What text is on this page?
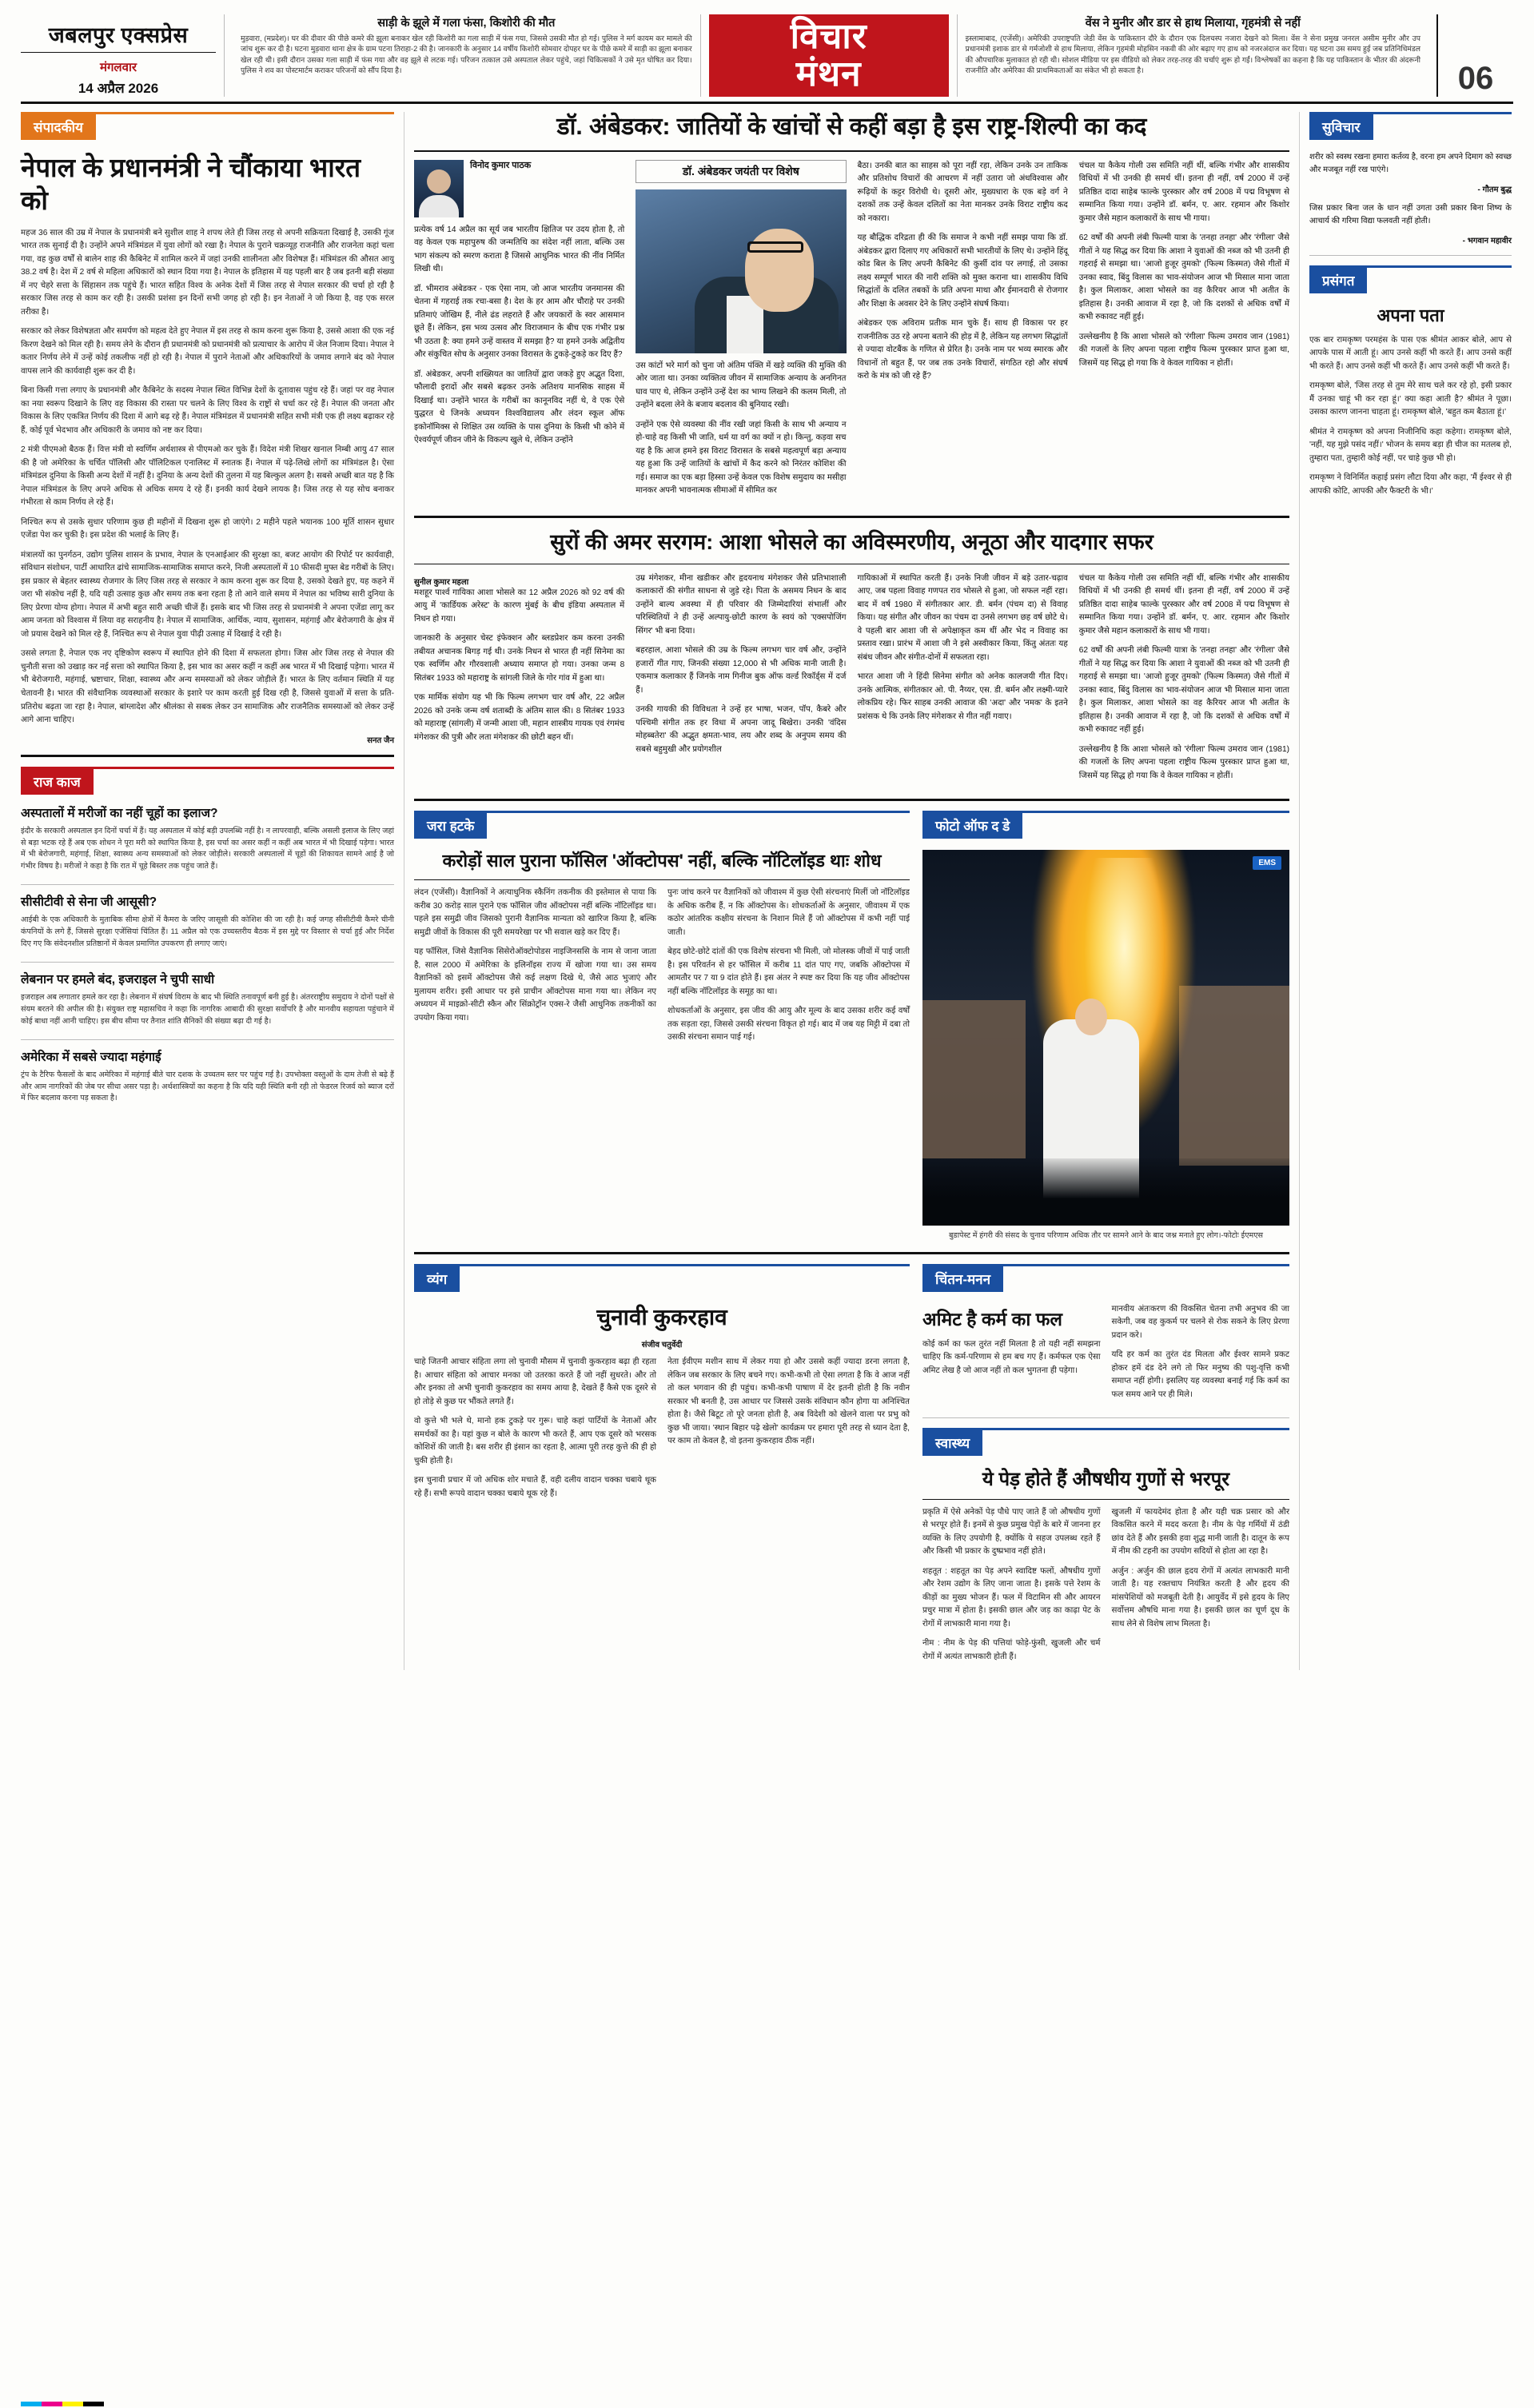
जबलपुर एक्सप्रेस
मंगलवार
14 अप्रैल 2026
साड़ी के झूले में गला फंसा, किशोरी की मौत

मुड़वारा, (मप्रदेश)। घर की दीवार की पीछे कमरे की झूला बनाकर खेल रही किशोरी का गला साड़ी में फंस गया, जिससे उसकी मौत हो गई। पुलिस ने मर्ग कायम कर मामले की जांच शुरू कर दी है। घटना मुड़वारा थाना क्षेत्र के ग्राम पटना तिराहा-2 की है। जानकारी के अनुसार 14 वर्षीय किशोरी सोमवार दोपहर घर के पीछे कमरे में साड़ी का झूला बनाकर खेल रही थी। इसी दौरान उसका गला साड़ी में फंस गया और वह झूले से लटक गई। परिजन तत्काल उसे अस्पताल लेकर पहुंचे, जहां चिकित्सकों ने उसे मृत घोषित कर दिया। पुलिस ने शव का पोस्टमार्टम कराकर परिजनों को सौंप दिया है।

विचार
मंथन
वेंस ने मुनीर और डार से हाथ मिलाया, गृहमंत्री से नहीं

इस्लामाबाद, (एजेंसी)। अमेरिकी उपराष्ट्रपति जेडी वेंस के पाकिस्तान दौरे के दौरान एक दिलचस्प नजारा देखने को मिला। वेंस ने सेना प्रमुख जनरल असीम मुनीर और उप प्रधानमंत्री इशाक डार से गर्मजोशी से हाथ मिलाया, लेकिन गृहमंत्री मोहसिन नकवी की ओर बढ़ाए गए हाथ को नजरअंदाज कर दिया। यह घटना उस समय हुई जब प्रतिनिधिमंडल की औपचारिक मुलाकात हो रही थी। सोशल मीडिया पर इस वीडियो को लेकर तरह-तरह की चर्चाएं शुरू हो गईं। विश्लेषकों का कहना है कि यह पाकिस्तान के भीतर की अंदरूनी राजनीति और अमेरिका की प्राथमिकताओं का संकेत भी हो सकता है।	06
संपादकीय
नेपाल के प्रधानमंत्री ने चौंकाया भारत को

महज 36 साल की उम्र में नेपाल के प्रधानमंत्री बने सुशील शाह ने शपथ लेते ही जिस तरह से अपनी सक्रियता दिखाई है, उसकी गूंज भारत तक सुनाई दी है। उन्होंने अपने मंत्रिमंडल में युवा लोगों को रखा है। नेपाल के पुराने चक्रव्यूह राजनीति और राजनेता कहां चला गया, वह कुछ वर्षों से बालेन शाह की कैबिनेट में शामिल करने में जहां उनकी शालीनता और विशेषज्ञ हैं। मंत्रिमंडल की औसत आयु 38.2 वर्ष है। देश में 2 वर्ष से महिला अधिकारों को स्थान दिया गया है। नेपाल के इतिहास में यह पहली बार है जब इतनी बड़ी संख्या में नए चेहरे सत्ता के सिंहासन तक पहुंचे हैं। भारत सहित विश्व के अनेक देशों में जिस तरह से नेपाल सरकार की चर्चा हो रही है सरकार जिस तरह से काम कर रही है। उसकी प्रशंसा इन दिनों सभी जगह हो रही है। इन नेताओं ने जो किया है, वह एक सरल तरीका है।

सरकार को लेकर विशेषज्ञता और समर्पण को महत्व देते हुए नेपाल में इस तरह से काम करना शुरू किया है, उससे आशा की एक नई किरण देखने को मिल रही है। समय लेने के दौरान ही प्रधानमंत्री को प्रधानमंत्री को प्रत्याचार के आरोप में जेल निजाम दिया। नेपाल ने कतार निर्णय लेने में उन्हें कोई तकलीफ नहीं हो रही है। नेपाल में पुराने नेताओं और अधिकारियों के जमाव लगाने बंद को नेपाल वापस लाने की कार्यवाही शुरू कर दी है।

बिना किसी गत्ता लगाए के प्रधानमंत्री और कैबिनेट के सदस्य नेपाल स्थित विभिन्न देशों के दूतावास पहुंच रहे हैं। जहां पर वह नेपाल का नया स्वरूप दिखाने के लिए वह विकास की रास्ता पर चलने के लिए विश्व के राष्ट्रों से चर्चा कर रहे हैं। नेपाल की जनता और विकास के लिए एकत्रित निर्णय की दिशा में आगे बढ़ रहे हैं। नेपाल मंत्रिमंडल में प्रधानमंत्री सहित सभी मंत्री एक ही लक्ष्य बढ़ाकर रहे हैं, कोई पूर्व भेदभाव और अधिकारी के जमाव को नष्ट कर दिया।

2 मंत्री पीएमओ बैठक हैं। वित्त मंत्री वो स्वर्णिम अर्थशास्त्र से पीएमओ कर चुके हैं। विदेश मंत्री शिखर खनाल निम्बी आयु 47 साल की है जो अमेरिका के चर्चित पॉलिसी और पॉलिटिकल एनालिस्ट में स्नातक हैं। नेपाल में पढ़े-लिखे लोगों का मंत्रिमंडल है। ऐसा मंत्रिमंडल दुनिया के किसी अन्य देशों में नहीं है। दुनिया के अन्य देशों की तुलना में यह बिल्कुल अलग है। सबसे अच्छी बात यह है कि नेपाल मंत्रिमंडल के लिए अपने अधिक से अधिक समय दे रहे हैं। इनकी कार्य देखने लायक है। जिस तरह से यह सोच बनाकर गंभीरता से काम निर्णय ले रहे हैं।

निश्चित रूप से उसके सुधार परिणाम कुछ ही महीनों में दिखना शुरू हो जाएंगे। 2 महीने पहले भयानक 100 मूर्ति शासन सुधार एजेंडा पेश कर चुकी है। इस प्रदेश की भलाई के लिए हैं।

मंत्रालयों का पुनर्गठन, उद्योग पुलिस शासन के प्रभाव, नेपाल के एनआईआर की सुरक्षा का, बजट आयोग की रिपोर्ट पर कार्यवाही, संविधान संशोधन, पार्टी आधारित ढांचे सामाजिक-सामाजिक समाप्त करने, निजी अस्पतालों में 10 फीसदी मुफ्त बेड गरीबों के लिए। इस प्रकार से बेहतर स्वास्थ्य रोजगार के लिए जिस तरह से सरकार ने काम करना शुरू कर दिया है, उसको देखते हुए, यह कहने में जरा भी संकोच नहीं है, यदि यही उत्साह कुछ और समय तक बना रहता है तो आने वाले समय में नेपाल का भविष्य सारी दुनिया के लिए प्रेरणा योग्य होगा। नेपाल में अभी बहुत सारी अच्छी चीजें हैं। इसके बाद भी जिस तरह से प्रधानमंत्री ने अपना एजेंडा लागू कर आम जनता को विश्वास में लिया वह सराहनीय है। नेपाल में सामाजिक, आर्थिक, न्याय, सुशासन, महंगाई और बेरोजगारी के क्षेत्र में जो प्रयास देखने को मिल रहे हैं, निश्चित रूप से नेपाल युवा पीढ़ी उत्साह में दिखाई दे रही है।

उससे लगता है, नेपाल एक नए दृष्टिकोण स्वरूप में स्थापित होने की दिशा में सफलता होगा। जिस ओर जिस तरह से नेपाल की चुनौती सत्ता को उखाड़ कर नई सत्ता को स्थापित किया है, इस भाव का असर कहीं न कहीं अब भारत में भी दिखाई पड़ेगा। भारत में भी बेरोजगारी, महंगाई, भ्रष्टाचार, शिक्षा, स्वास्थ्य और अन्य समस्याओं को लेकर जोड़ीले हैं। भारत के लिए वर्तमान स्थिति में यह चेतावनी है। भारत की संवैधानिक व्यवस्थाओं सरकार के इशारे पर काम करती हुई दिख रही है, जिससे युवाओं में सत्ता के प्रति-प्रतिरोध बढ़ता जा रहा है। नेपाल, बांग्लादेश और श्रीलंका से सबक लेकर उन सामाजिक और राजनैतिक समस्याओं को लेकर उन्हें आगे आना चाहिए।

सनत जैन
राज काज
अस्पतालों में मरीजों का नहीं चूहों का इलाज?

इंदौर के सरकारी अस्पताल इन दिनों चर्चा में हैं। यह अस्पताल में कोई बड़ी उपलब्धि नहीं है। न लापरवाही, बल्कि असली इलाज के लिए जहां से बड़ा भटक रहे हैं अब एक शोधन ने पूरा मरी को स्थापित किया है, इस चर्चा का असर कहीं न कहीं अब भारत में भी दिखाई पड़ेगा। भारत में भी बेरोजगारी, महंगाई, शिक्षा, स्वास्थ्य अन्य समस्याओं को लेकर जोड़ीले। सरकारी अस्पतालों में चूहों की शिकायत सामने आई है जो गंभीर विषय है। मरीजों ने कहा है कि रात में चूहे बिस्तर तक पहुंच जाते हैं।

सीसीटीवी से सेना जी आसूसी?

आईबी के एक अधिकारी के मुताबिक सीमा क्षेत्रों में कैमरा के जरिए जासूसी की कोशिश की जा रही है। कई जगह सीसीटीवी कैमरे चीनी कंपनियों के लगे हैं, जिससे सुरक्षा एजेंसियां चिंतित हैं। 11 अप्रैल को एक उच्चस्तरीय बैठक में इस मुद्दे पर विस्तार से चर्चा हुई और निर्देश दिए गए कि संवेदनशील प्रतिष्ठानों में केवल प्रमाणित उपकरण ही लगाए जाएं।

लेबनान पर हमले बंद, इजराइल ने चुपी साधी

इजराइल अब लगातार हमले कर रहा है। लेबनान में संघर्ष विराम के बाद भी स्थिति तनावपूर्ण बनी हुई है। अंतरराष्ट्रीय समुदाय ने दोनों पक्षों से संयम बरतने की अपील की है। संयुक्त राष्ट्र महासचिव ने कहा कि नागरिक आबादी की सुरक्षा सर्वोपरि है और मानवीय सहायता पहुंचाने में कोई बाधा नहीं आनी चाहिए। इस बीच सीमा पर तैनात शांति सैनिकों की संख्या बढ़ा दी गई है।

अमेरिका में सबसे ज्यादा महंगाई

ट्रंप के टैरिफ फैसलों के बाद अमेरिका में महंगाई बीते चार दशक के उच्चतम स्तर पर पहुंच गई है। उपभोक्ता वस्तुओं के दाम तेजी से बढ़े हैं और आम नागरिकों की जेब पर सीधा असर पड़ा है। अर्थशास्त्रियों का कहना है कि यदि यही स्थिति बनी रही तो फेडरल रिजर्व को ब्याज दरों में फिर बदलाव करना पड़ सकता है।

डॉ. अंबेडकर: जातियों के खांचों से कहीं बड़ा है इस राष्ट्र-शिल्पी का कद
विनोद कुमार पाठक

प्रत्येक वर्ष 14 अप्रैल का सूर्य जब भारतीय क्षितिज पर उदय होता है, तो वह केवल एक महापुरुष की जन्मतिथि का संदेश नहीं लाता, बल्कि उस भाग संकल्प को स्मरण कराता है जिससे आधुनिक भारत की नींव निर्मित लिखी थी।

डॉ. भीमराव अंबेडकर - एक ऐसा नाम, जो आज भारतीय जनमानस की चेतना में गहराई तक रचा-बसा है। देश के हर आम और चौराहे पर उनकी प्रतिमाएं जोखिम हैं, नीले ढंड लहराते हैं और जयकारों के स्वर आसमान छूते हैं। लेकिन, इस भव्य उत्सव और विराजमान के बीच एक गंभीर प्रश्न भी उठता है: क्या हमने उन्हें वास्तव में समझा है? या हमने उनके अद्वितीय और संकुचित सोच के अनुसार उनका विरासत के टुकड़े-टुकड़े कर दिए हैं?

डॉ. अंबेडकर, अपनी शख्सियत का जातियों द्वारा जकड़े हुए अद्भुत दिशा, फौलादी इरादों और सबसे बढ़कर उनके अतिशय मानसिक साहस में दिखाई था। उन्होंने भारत के गरीबों का कानूनविद नहीं थे, वे एक ऐसे युद्धरत थे जिनके अध्ययन विश्वविद्यालय और लंदन स्कूल ऑफ इकोनॉमिक्स से शिक्षित उस व्यक्ति के पास दुनिया के किसी भी कोने में ऐश्वर्यपूर्ण जीवन जीने के विकल्प खुले थे, लेकिन उन्होंने

डॉ. अंबेडकर जयंती पर विशेष

उस कांटों भरे मार्ग को चुना जो अंतिम पंक्ति में खड़े व्यक्ति की मुक्ति की ओर जाता था। उनका व्यक्तित्व जीवन में सामाजिक अन्याय के अनगिनत घाव पाए थे, लेकिन उन्होंने उन्हें देश का भाग्य लिखने की कलम मिली, तो उन्होंने बदला लेने के बजाय बदलाव की बुनियाद रखी।

उन्होंने एक ऐसे व्यवस्था की नींव रखी जहां किसी के साथ भी अन्याय न हो-चाहे वह किसी भी जाति, धर्म या वर्ग का क्यों न हो। किन्तु, कड़वा सच यह है कि आज हमने इस विराट विरासत के सबसे महत्वपूर्ण बड़ा अन्याय यह हुआ कि उन्हें जातियों के खांचों में कैद करने को निरंतर कोशिश की गई। समाज का एक बड़ा हिस्सा उन्हें केवल एक विशेष समुदाय का मसीहा मानकर अपनी भावनात्मक सीमाओं में सीमित कर

बैठा। उनकी बात का साहस को पूरा नहीं रहा, लेकिन उनके उन ताकिक और प्रतिशोध विचारों की आचरण में नहीं उतारा जो अंधविश्वास और रूढ़ियों के कट्टर विरोधी थे। दूसरी ओर, मुख्यधारा के एक बड़े वर्ग ने दशकों तक उन्हें केवल दलितों का नेता मानकर उनके विराट राष्ट्रीय कद को नकारा।

यह बौद्धिक दरिद्रता ही की कि समाज ने कभी नहीं समझ पाया कि डॉ. अंबेडकर द्वारा दिलाए गए अधिकारों सभी भारतीयों के लिए थे। उन्होंने हिंदू कोड बिल के लिए अपनी कैबिनेट की कुर्सी दांव पर लगाई, तो उसका लक्ष्य सम्पूर्ण भारत की नारी शक्ति को मुक्त कराना था। शासकीय विधि सिद्धांतों के दलित तबकों के प्रति अपना माथा और ईमानदारी से रोजगार और शिक्षा के अवसर देने के लिए उन्होंने संघर्ष किया।

अंबेडकर एक अविराम प्रतीक मान चुके हैं। साथ ही विकास पर हर राजनीतिक उठ रहे अपना बताने की होड़ में है, लेकिन यह लगभग सिद्धांतों से ज्यादा वोटबैंक के गणित से प्रेरित है। उनके नाम पर भव्य स्मारक और विधानों तो बहुत हैं, पर जब तक उनके विचारों, संगठित रहो और संघर्ष करो के मंत्र को जी रहे हैं?

चंचल या कैकेय गोली उस समिति नहीं थीं, बल्कि गंभीर और शासकीय विधियों में भी उनकी ही समर्थ थीं। इतना ही नहीं, वर्ष 2000 में उन्हें प्रतिष्ठित दादा साहेब फाल्के पुरस्कार और वर्ष 2008 में पद्म विभूषण से सम्मानित किया गया। उन्होंने डॉ. बर्मन, ए. आर. रहमान और किशोर कुमार जैसे महान कलाकारों के साथ भी गाया।

62 वर्षों की अपनी लंबी फिल्मी यात्रा के 'तनहा तनहा' और 'रंगीला' जैसे गीतों ने यह सिद्ध कर दिया कि आशा ने युवाओं की नब्ज को भी उतनी ही गहराई से समझा था। 'आजो हुजूर तुमको' (फिल्म किस्मत) जैसे गीतों में उनका स्वाद, बिंदु विलास का भाव-संयोजन आज भी मिसाल माना जाता है। कुल मिलाकर, आशा भोसले का वह कैरियर आज भी अतीत के इतिहास है। उनकी आवाज में रहा है, जो कि दशकों से अधिक वर्षों में कभी रुकावट नहीं हुई।

उल्लेखनीय है कि आशा भोसले को 'रंगीला' फिल्म उमराव जान (1981) की गजलों के लिए अपना पहला राष्ट्रीय फिल्म पुरस्कार प्राप्त हुआ था, जिसमें यह सिद्ध हो गया कि वे केवल गायिका न होतीं।

सुरों की अमर सरगम: आशा भोसले का अविस्मरणीय, अनूठा और यादगार सफर
सुनील कुमार महला

मशहूर पार्श्व गायिका आशा भोसले का 12 अप्रैल 2026 को 92 वर्ष की आयु में 'कार्डियक अरेस्ट' के कारण मुंबई के बीच इंडिया अस्पताल में निधन हो गया।

जानकारी के अनुसार चेस्ट इंफेक्शन और ब्लडप्रेशर कम करना उनकी तबीयत अचानक बिगड़ गई थी। उनके निधन से भारत ही नहीं सिनेमा का एक स्वर्णिम और गौरवशाली अध्याय समाप्त हो गया। उनका जन्म 8 सितंबर 1933 को महाराष्ट्र के सांगली जिले के गोर गांव में हुआ था।

एक मार्मिक संयोग यह भी कि फिल्म लगभग चार वर्ष और, 22 अप्रैल 2026 को उनके जन्म वर्ष शताब्दी के अंतिम साल की। 8 सितंबर 1933 को महाराष्ट्र (सांगली) में जन्मी आशा जी, महान शास्त्रीय गायक एवं रंगमंच मंगेशकर की पुत्री और लता मंगेशकर की छोटी बहन थीं।

उम्र मंगेशकर, मीना खडीकर और हृदयनाथ मंगेशकर जैसे प्रतिभाशाली कलाकारों की संगीत साधना से जुड़े रहे। पिता के असमय निधन के बाद उन्होंने बाल्य अवस्था में ही परिवार की जिम्मेदारियां संभालीं और परिस्थितियों ने ही उन्हें अल्पायु-छोटी कारण के स्वयं को 'एक्सपोजिंग सिंगर' भी बना दिया।

बहरहाल, आशा भोसले की उम्र के फिल्म लगभग चार वर्ष और, उन्होंने हजारों गीत गाए, जिनकी संख्या 12,000 से भी अधिक मानी जाती है। एकमात्र कलाकार हैं जिनके नाम गिनीज बुक ऑफ वर्ल्ड रिकॉर्ड्स में दर्ज हैं।

उनकी गायकी की विविधता ने उन्हें हर भाषा, भजन, पॉप, कैबरे और पश्चिमी संगीत तक हर विधा में अपना जादू बिखेरा। उनकी 'वंदिस मोहब्बतेरा' की अद्भुत क्षमता-भाव, लय और शब्द के अनुपम समय की सबसे बहुमुखी और प्रयोगशील

गायिकाओं में स्थापित करती हैं। उनके निजी जीवन में बड़े उतार-चढ़ाव आए, जब पहला विवाह गणपत राव भोसले से हुआ, जो सफल नहीं रहा। बाद में वर्ष 1980 में संगीतकार आर. डी. बर्मन (पंचम दा) से विवाह किया। यह संगीत और जीवन का पंचम दा उनसे लगभग छह वर्ष छोटे थे। वे पहली बार आशा जी से अपेक्षाकृत कम थीं और भेद न विवाह का प्रस्ताव रखा। प्रारंभ में आशा जी ने इसे अस्वीकार किया, किंतु अंततः यह संबंध जीवन और संगीत-दोनों में सफलता रहा।

भारत आशा जी ने हिंदी सिनेमा संगीत को अनेक कालजयी गीत दिए। उनके आत्मिक, संगीतकार ओ. पी. नैय्यर, एस. डी. बर्मन और लक्ष्मी-प्यारे लोकप्रिय रहे। फिर साहब उनकी आवाज की 'अदा' और 'नमक' के इतने प्रशंसक थे कि उनके लिए मंगेशकर से गीत नहीं गवाए।

चंचल या कैकेय गोली उस समिति नहीं थीं, बल्कि गंभीर और शासकीय विधियों में भी उनकी ही समर्थ थीं। इतना ही नहीं, वर्ष 2000 में उन्हें प्रतिष्ठित दादा साहेब फाल्के पुरस्कार और वर्ष 2008 में पद्म विभूषण से सम्मानित किया गया। उन्होंने डॉ. बर्मन, ए. आर. रहमान और किशोर कुमार जैसे महान कलाकारों के साथ भी गाया।

62 वर्षों की अपनी लंबी फिल्मी यात्रा के 'तनहा तनहा' और 'रंगीला' जैसे गीतों ने यह सिद्ध कर दिया कि आशा ने युवाओं की नब्ज को भी उतनी ही गहराई से समझा था। 'आजो हुजूर तुमको' (फिल्म किस्मत) जैसे गीतों में उनका स्वाद, बिंदु विलास का भाव-संयोजन आज भी मिसाल माना जाता है। कुल मिलाकर, आशा भोसले का वह कैरियर आज भी अतीत के इतिहास है। उनकी आवाज में रहा है, जो कि दशकों से अधिक वर्षों में कभी रुकावट नहीं हुई।

उल्लेखनीय है कि आशा भोसले को 'रंगीला' फिल्म उमराव जान (1981) की गजलों के लिए अपना पहला राष्ट्रीय फिल्म पुरस्कार प्राप्त हुआ था, जिसमें यह सिद्ध हो गया कि वे केवल गायिका न होतीं।

जरा हटके
करोड़ों साल पुराना फॉसिल 'ऑक्टोपस' नहीं, बल्कि नॉटिलॉइड थाः शोध

लंदन (एजेंसी)। वैज्ञानिकों ने अत्याधुनिक स्कैनिंग तकनीक की इस्तेमाल से पाया कि करीब 30 करोड़ साल पुराने एक फॉसिल जीव ऑक्टोपस नहीं बल्कि नॉटिलॉइड था। पहले इस समुद्री जीव जिसको पुरानी वैज्ञानिक मान्यता को खारिज किया है, बल्कि समुद्री जीवों के विकास की पूरी समयरेखा पर भी सवाल खड़े कर दिए हैं।

यह फॉसिल, जिसे वैज्ञानिक सिसेरोऑक्टोपोडस नाइजिनससि के नाम से जाना जाता है, साल 2000 में अमेरिका के इलिनॉइस राज्य में खोजा गया था। उस समय वैज्ञानिकों को इसमें ऑक्टोपस जैसे कई लक्षण दिखे थे, जैसे आठ भुजाएं और मुलायम शरीर। इसी आधार पर इसे प्राचीन ऑक्टोपस माना गया था। लेकिन नए अध्ययन में माइक्रो-सीटी स्कैन और सिंक्रोट्रॉन एक्स-रे जैसी आधुनिक तकनीकों का उपयोग किया गया।

पुनः जांच करने पर वैज्ञानिकों को जीवाश्म में कुछ ऐसी संरचनाएं मिलीं जो नॉटिलॉइड के अधिक करीब हैं, न कि ऑक्टोपस के। शोधकर्ताओं के अनुसार, जीवाश्म में एक कठोर आंतरिक कक्षीय संरचना के निशान मिले हैं जो ऑक्टोपस में कभी नहीं पाई जाती।

बेहद छोटे-छोटे दांतों की एक विशेष संरचना भी मिली, जो मोलस्क जीवों में पाई जाती है। इस परिवर्तन से हर फॉसिल में करीब 11 दांत पाए गए, जबकि ऑक्टोपस में आमतौर पर 7 या 9 दांत होते हैं। इस अंतर ने स्पष्ट कर दिया कि यह जीव ऑक्टोपस नहीं बल्कि नॉटिलॉइड के समूह का था।

शोधकर्ताओं के अनुसार, इस जीव की आयु और मूल्य के बाद उसका शरीर कई वर्षों तक सड़ता रहा, जिससे उसकी संरचना विकृत हो गई। बाद में जब यह मिट्टी में दबा तो उसकी संरचना समान पाई गई।

फोटो ऑफ द डे
EMS
बुडापेस्ट में हंगरी की संसद के चुनाव परिणाम अधिक तौर पर सामने आने के बाद जश्न मनाते हुए लोग।-फोटोः ईएमएस
व्यंग
चुनावी कुकरहाव
संजीव चतुर्वेदी

चाहे जितनी आचार संहिता लगा लो चुनावी मौसम में चुनावी कुकरहाव बढ़ा ही रहता है। आचार संहिता को आचार मनका जो उतरका करते हैं जो नहीं सुधरते। और तो और इनका तो अभी चुनावी कुकरहाव का समय आया है, देखते हैं कैसे एक दूसरे से हो तोड़े से कुछ पर भौंकते लगते हैं।

वो कुत्ते भी भले थे, मानो हक टुकड़े पर गुरू। चाहे कहां पार्टियों के नेताओं और समर्थकों का है। यहां कुछ न बोले के कारण भी करते हैं, आप एक दूसरे को भरसक कोशिशें की जाती है। बस शरीर ही इंसान का रहता है, आत्मा पूरी तरह कुत्ते की ही हो चुकी होती है।

इस चुनावी प्रचार में जो अधिक शोर मचाते हैं, वही दलीय वादान चक्का चबाये थूक रहे हैं। सभी रूपये वादान चक्का चबाये थूक रहे हैं।

नेता ईवीएम मशीन साथ में लेकर गया हो और उससे कहीं ज्यादा डरना लगता है, लेकिन जब सरकार के लिए बचने गए। कभी-कभी तो ऐसा लगता है कि वे आज नहीं तो कल भगवान की ही पहुंच। कभी-कभी पाषाण में देर इतनी होती है कि नवीन सरकार भी बनती है, उस आधार पर जिससे उसके संविधान कौन होगा या अनिश्चित होता है। जैसे बिटूट तो पूरे जनता होती है, अब विदेशी को खेलने वाला पर प्रभु को कुछ भी जाया। 'स्थान बिहार पढ़े खेलो' कार्यक्रम पर हमारा पूरी तरह से ध्यान देता है, पर काम तो केवल है, वो इतना कुकरहाव ठीक नहीं।

चिंतन-मनन
अमिट है कर्म का फल

कोई कर्म का फल तुरंत नहीं मिलता है तो यही नहीं समझना चाहिए कि कर्म-परिणाम से हम बच गए हैं। कर्मफल एक ऐसा अमिट लेख है जो आज नहीं तो कल भुगतना ही पड़ेगा।

मानवीय अंतःकरण की विकसित चेतना तभी अनुभव की जा सकेगी, जब वह कुकर्म पर चलने से रोक सकने के लिए प्रेरणा प्रदान करे।

यदि हर कर्म का तुरंत दंड मिलता और ईश्वर सामने प्रकट होकर हमें दंड देने लगे तो फिर मनुष्य की पशु-वृत्ति कभी समाप्त नहीं होगी। इसलिए यह व्यवस्था बनाई गई कि कर्म का फल समय आने पर ही मिले।

स्वास्थ्य
ये पेड़ होते हैं औषधीय गुणों से भरपूर

प्रकृति में ऐसे अनेकों पेड़ पौधे पाए जाते हैं जो औषधीय गुणों से भरपूर होते हैं। इनमें से कुछ प्रमुख पेड़ों के बारे में जानना हर व्यक्ति के लिए उपयोगी है, क्योंकि ये सहज उपलब्ध रहते हैं और किसी भी प्रकार के दुष्प्रभाव नहीं होते।

शहतूत : शहतूत का पेड़ अपने स्वादिष्ट फलों, औषधीय गुणों और रेशम उद्योग के लिए जाना जाता है। इसके पत्ते रेशम के कीड़ों का मुख्य भोजन हैं। फल में विटामिन सी और आयरन प्रचुर मात्रा में होता है। इसकी छाल और जड़ का काढ़ा पेट के रोगों में लाभकारी माना गया है।

नीम : नीम के पेड़ की पत्तियां फोड़े-फुंसी, खुजली और चर्म रोगों में अत्यंत लाभकारी होती हैं।

खुजली में फायदेमंद होता है और यही चक्र प्रसार को और विकसित करने में मदद करता है। नीम के पेड़ गर्मियों में ठंडी छांव देते हैं और इसकी हवा शुद्ध मानी जाती है। दातून के रूप में नीम की टहनी का उपयोग सदियों से होता आ रहा है।

अर्जुन : अर्जुन की छाल हृदय रोगों में अत्यंत लाभकारी मानी जाती है। यह रक्तचाप नियंत्रित करती है और हृदय की मांसपेशियों को मजबूती देती है। आयुर्वेद में इसे हृदय के लिए सर्वोत्तम औषधि माना गया है। इसकी छाल का चूर्ण दूध के साथ लेने से विशेष लाभ मिलता है।

सुविचार

शरीर को स्वस्थ रखना हमारा कर्तव्य है, वरना हम अपने दिमाग को स्वच्छ और मजबूत नहीं रख पाएंगे।

- गौतम बुद्ध

जिस प्रकार बिना जल के धान नहीं उगता उसी प्रकार बिना शिष्य के आचार्य की गरिमा विद्या फलवती नहीं होती।

- भगवान महावीर
प्रसंगत
अपना पता

एक बार रामकृष्ण परमहंस के पास एक श्रीमंत आकर बोले, आप से आपके पास में आती हूं। आप उनसे कहीं भी करते हैं। आप उनसे कहीं भी करते हैं। आप उनसे कहीं भी करते हैं। आप उनसे कहीं भी करते हैं।

रामकृष्ण बोले, 'जिस तरह से तुम मेरे साथ चले कर रहे हो, इसी प्रकार मैं उनका चाहूं भी कर रहा हूं।' क्या कहा आती है? श्रीमंत ने पूछा। उसका कारण जानना चाहता हूं। रामकृष्ण बोले, 'बहुत कम बैठाता हूं।'

श्रीमंत ने रामकृष्ण को अपना निजीनिधि कहा कहेगा। रामकृष्ण बोले, 'नहीं, यह मुझे पसंद नहीं।' भोजन के समय बड़ा ही चीज का मतलब हो, तुम्हारा पता, तुम्हारी कोई नहीं, पर चाहे कुछ भी हो।

रामकृष्ण ने विनिर्मित कहाई प्रसंग लौटा दिया और कहा, 'मैं ईश्वर से ही आपकी कोटि, आपकी और फैक्टरी के भी।'
